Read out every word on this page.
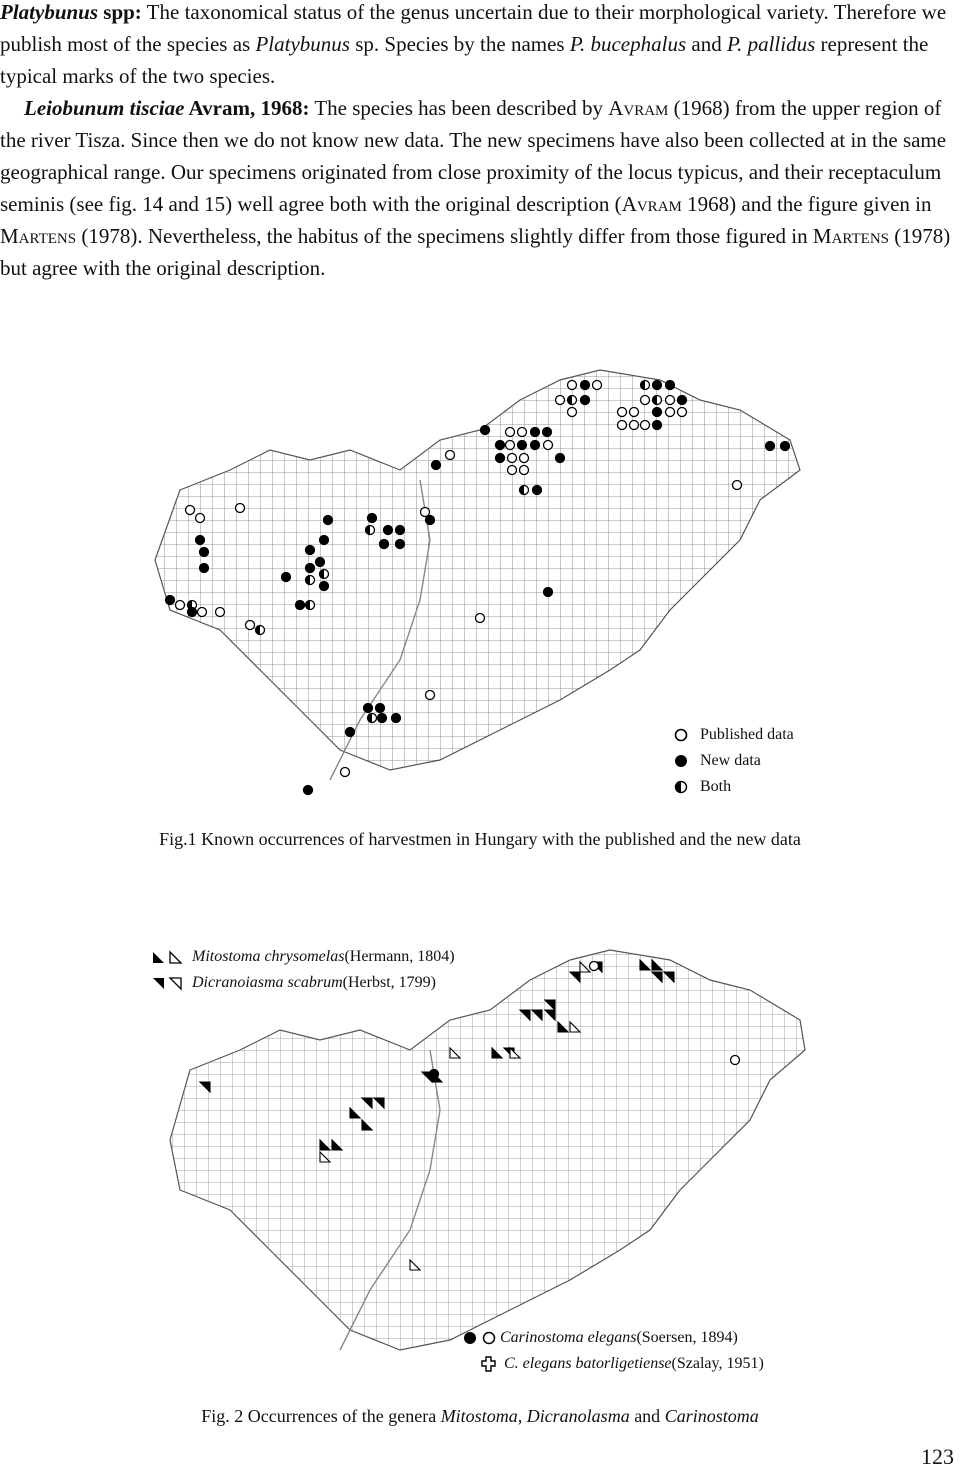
Platybunus spp: The taxonomical status of the genus uncertain due to their morphological variety. Therefore we publish most of the species as Platybunus sp. Species by the names P. bucephalus and P. pallidus represent the typical marks of the two species.

Leiobunum tisciae Avram, 1968: The species has been described by Avram (1968) from the upper region of the river Tisza. Since then we do not know new data. The new specimens have also been collected at in the same geographical range. Our specimens originated from close proximity of the locus typicus, and their receptaculum seminis (see fig. 14 and 15) well agree both with the original description (Avram 1968) and the figure given in Martens (1978). Nevertheless, the habitus of the specimens slightly differ from those figured in Martens (1978) but agree with the original description.

Published data
New data
Both
Fig.1 Known occurrences of harvestmen in Hungary with the published and the new data
Mitostoma chrysomelas (Hermann, 1804)
Dicranoiasma scabrum (Herbst, 1799)
Carinostoma elegans (Soersen, 1894)
C. elegans batorligetiense (Szalay, 1951)
Fig. 2 Occurrences of the genera Mitostoma, Dicranolasma and Carinostoma
123
